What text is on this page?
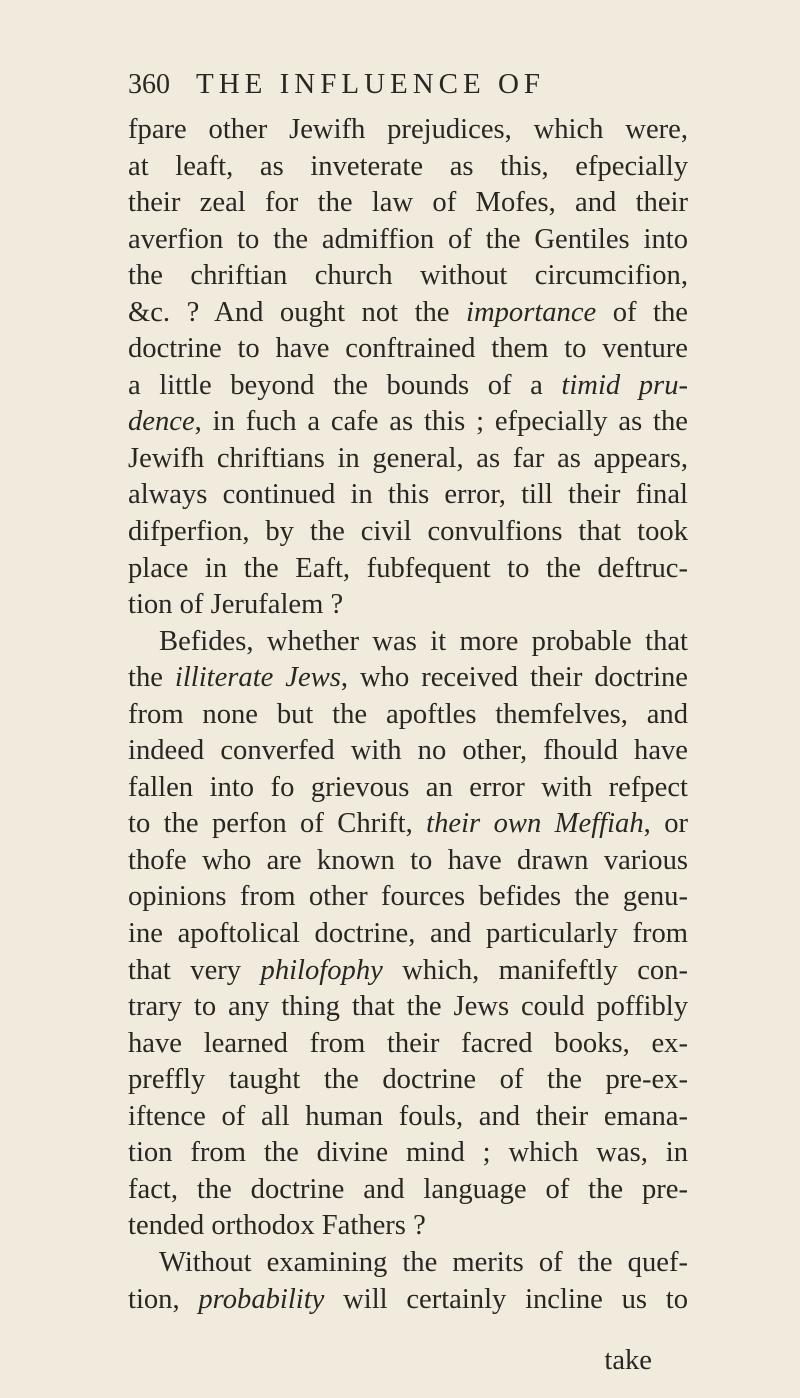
360 THE INFLUENCE OF
fpare other Jewifh prejudices, which were,
at leaft, as inveterate as this, efpecially
their zeal for the law of Mofes, and their
averfion to the admiffion of the Gentiles into
the chriftian church without circumcifion,
&c. ? And ought not the importance of the
doctrine to have conftrained them to venture
a little beyond the bounds of a timid pru-
dence, in fuch a cafe as this ; efpecially as the
Jewifh chriftians in general, as far as appears,
always continued in this error, till their final
difperfion, by the civil convulfions that took
place in the Eaft, fubfequent to the deftruc-
tion of Jerufalem ?
Befides, whether was it more probable that
the illiterate Jews, who received their doctrine
from none but the apoftles themfelves, and
indeed converfed with no other, fhould have
fallen into fo grievous an error with refpect
to the perfon of Chrift, their own Meffiah, or
thofe who are known to have drawn various
opinions from other fources befides the genu-
ine apoftolical doctrine, and particularly from
that very philofophy which, manifeftly con-
trary to any thing that the Jews could poffibly
have learned from their facred books, ex-
preffly taught the doctrine of the pre-ex-
iftence of all human fouls, and their emana-
tion from the divine mind ; which was, in
fact, the doctrine and language of the pre-
tended orthodox Fathers ?
Without examining the merits of the quef-
tion, probability will certainly incline us to
take
